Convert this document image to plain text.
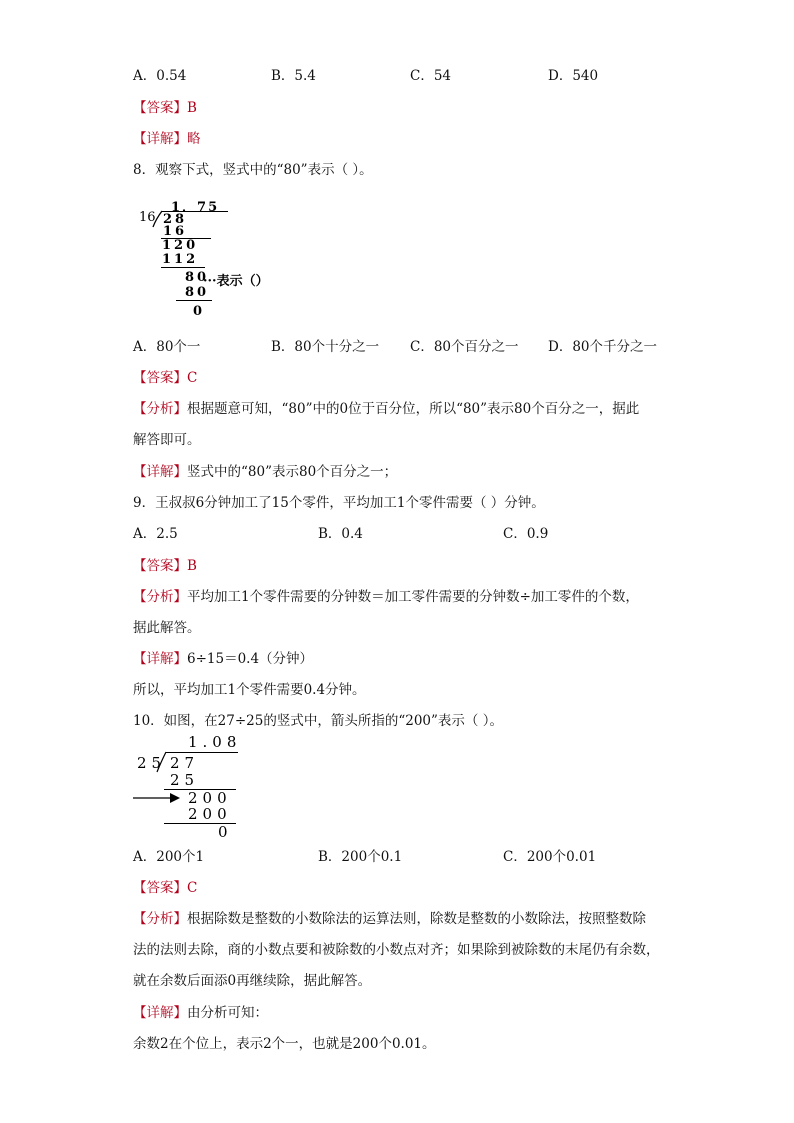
A．0.54	B．5.4	C．54	D．540
【答案】B
【详解】略
8．观察下式，竖式中的“80”表示（ ）。
1．75
16 28
16
120
112
80
···表示（）
80
0
A．80个一	B．80个十分之一 C．80个百分之一 D．80个千分之一
【答案】C
【分析】根据题意可知，“80”中的0位于百分位，所以“80”表示80个百分之一，据此
解答即可。
【详解】竖式中的“80”表示80个百分之一；
9．王叔叔6分钟加工了15个零件，平均加工1个零件需要（ ）分钟。
A．2.5	B．0.4	C．0.9
【答案】B
【分析】平均加工1个零件需要的分钟数＝加工零件需要的分钟数÷加工零件的个数，
据此解答。
【详解】6÷15＝0.4（分钟）
所以，平均加工1个零件需要0.4分钟。
10．如图，在27÷25的竖式中，箭头所指的“200”表示（ ）。
1.08
25 27
25
200
200
0
A．200个1	B．200个0.1	C．200个0.01
【答案】C
【分析】根据除数是整数的小数除法的运算法则，除数是整数的小数除法，按照整数除
法的法则去除，商的小数点要和被除数的小数点对齐；如果除到被除数的末尾仍有余数，
就在余数后面添0再继续除，据此解答。
【详解】由分析可知：
余数2在个位上，表示2个一，也就是200个0.01。
